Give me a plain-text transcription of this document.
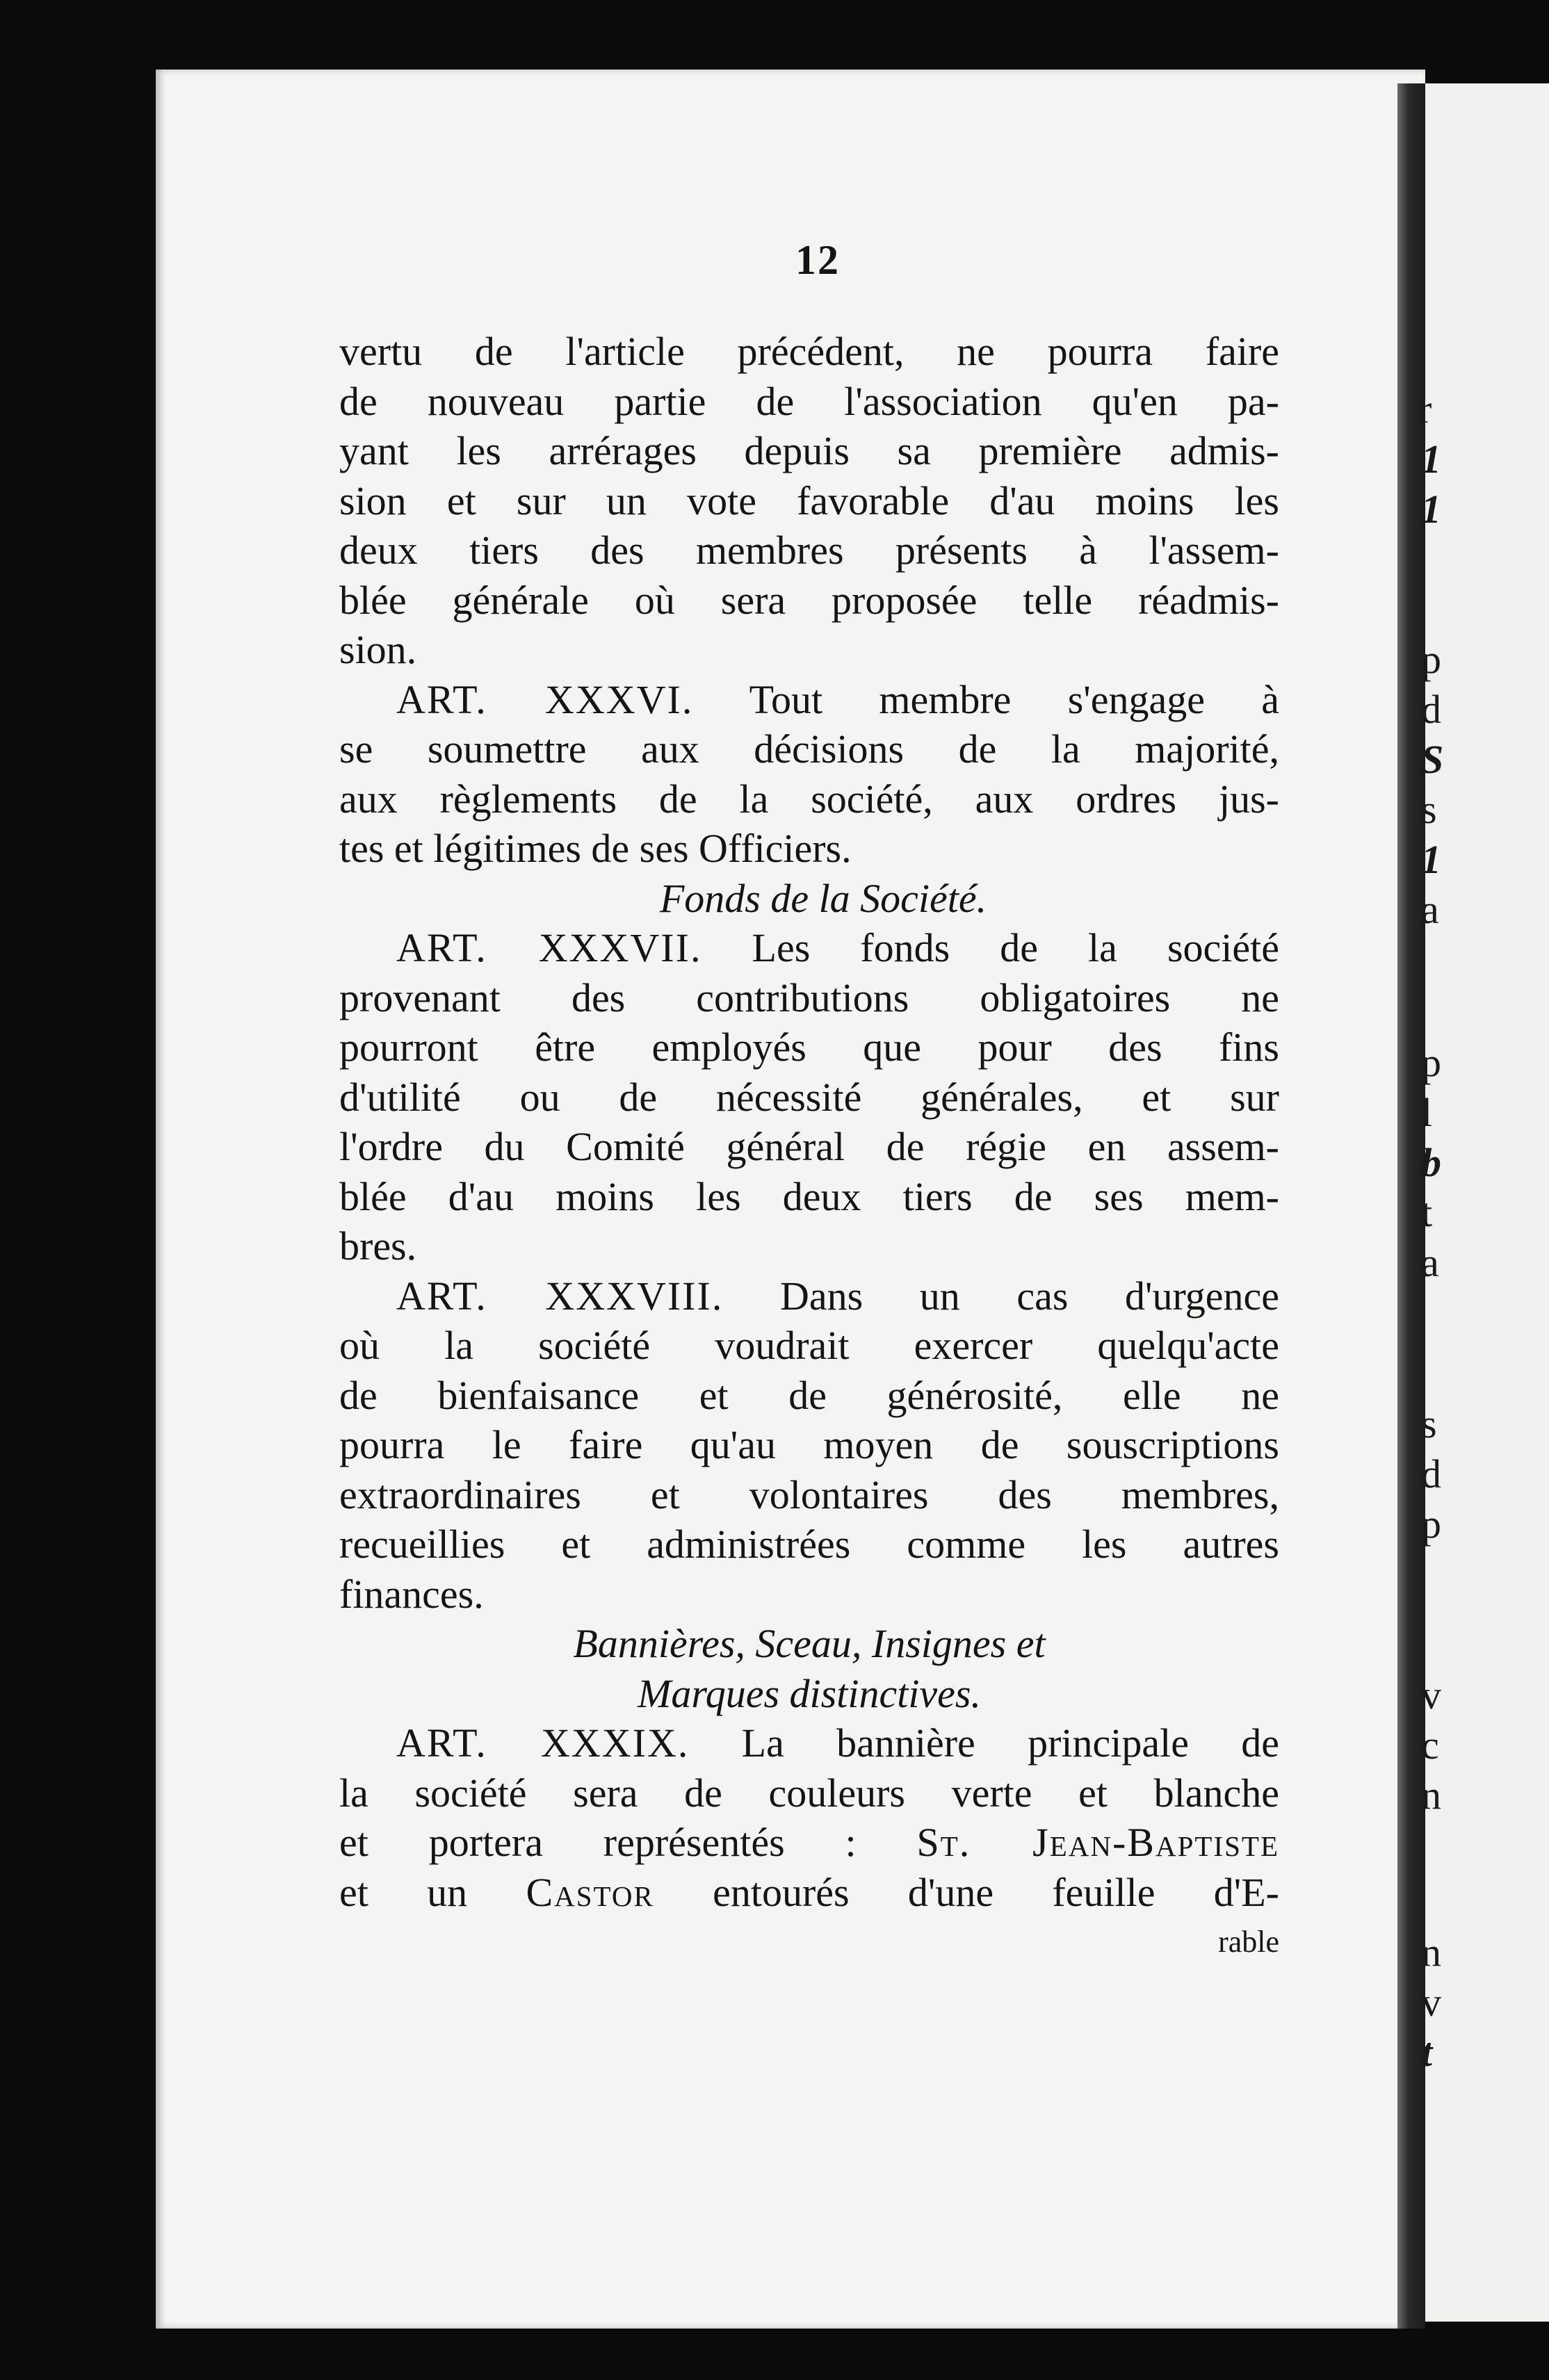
r
1
1
p
d
S
s
1
a
p
l
b
t
a
s
d
p
v
c
n
n
v
t
12
vertu de l'article précédent, ne pourra faire
de nouveau partie de l'association qu'en pa-
yant les arrérages depuis sa première admis-
sion et sur un vote favorable d'au moins les
deux tiers des membres présents à l'assem-
blée générale où sera proposée telle réadmis-
sion.
ART. XXXVI. Tout membre s'engage à
se soumettre aux décisions de la majorité,
aux règlements de la société, aux ordres jus-
tes et légitimes de ses Officiers.
Fonds de la Société.
ART. XXXVII. Les fonds de la société
provenant des contributions obligatoires ne
pourront être employés que pour des fins
d'utilité ou de nécessité générales, et sur
l'ordre du Comité général de régie en assem-
blée d'au moins les deux tiers de ses mem-
bres.
ART. XXXVIII. Dans un cas d'urgence
où la société voudrait exercer quelqu'acte
de bienfaisance et de générosité, elle ne
pourra le faire qu'au moyen de souscriptions
extraordinaires et volontaires des membres,
recueillies et administrées comme les autres
finances.
Bannières, Sceau, Insignes et
Marques distinctives.
ART. XXXIX. La bannière principale de
la société sera de couleurs verte et blanche
et portera représentés : St. Jean-Baptiste
et un Castor entourés d'une feuille d'E-
rable
